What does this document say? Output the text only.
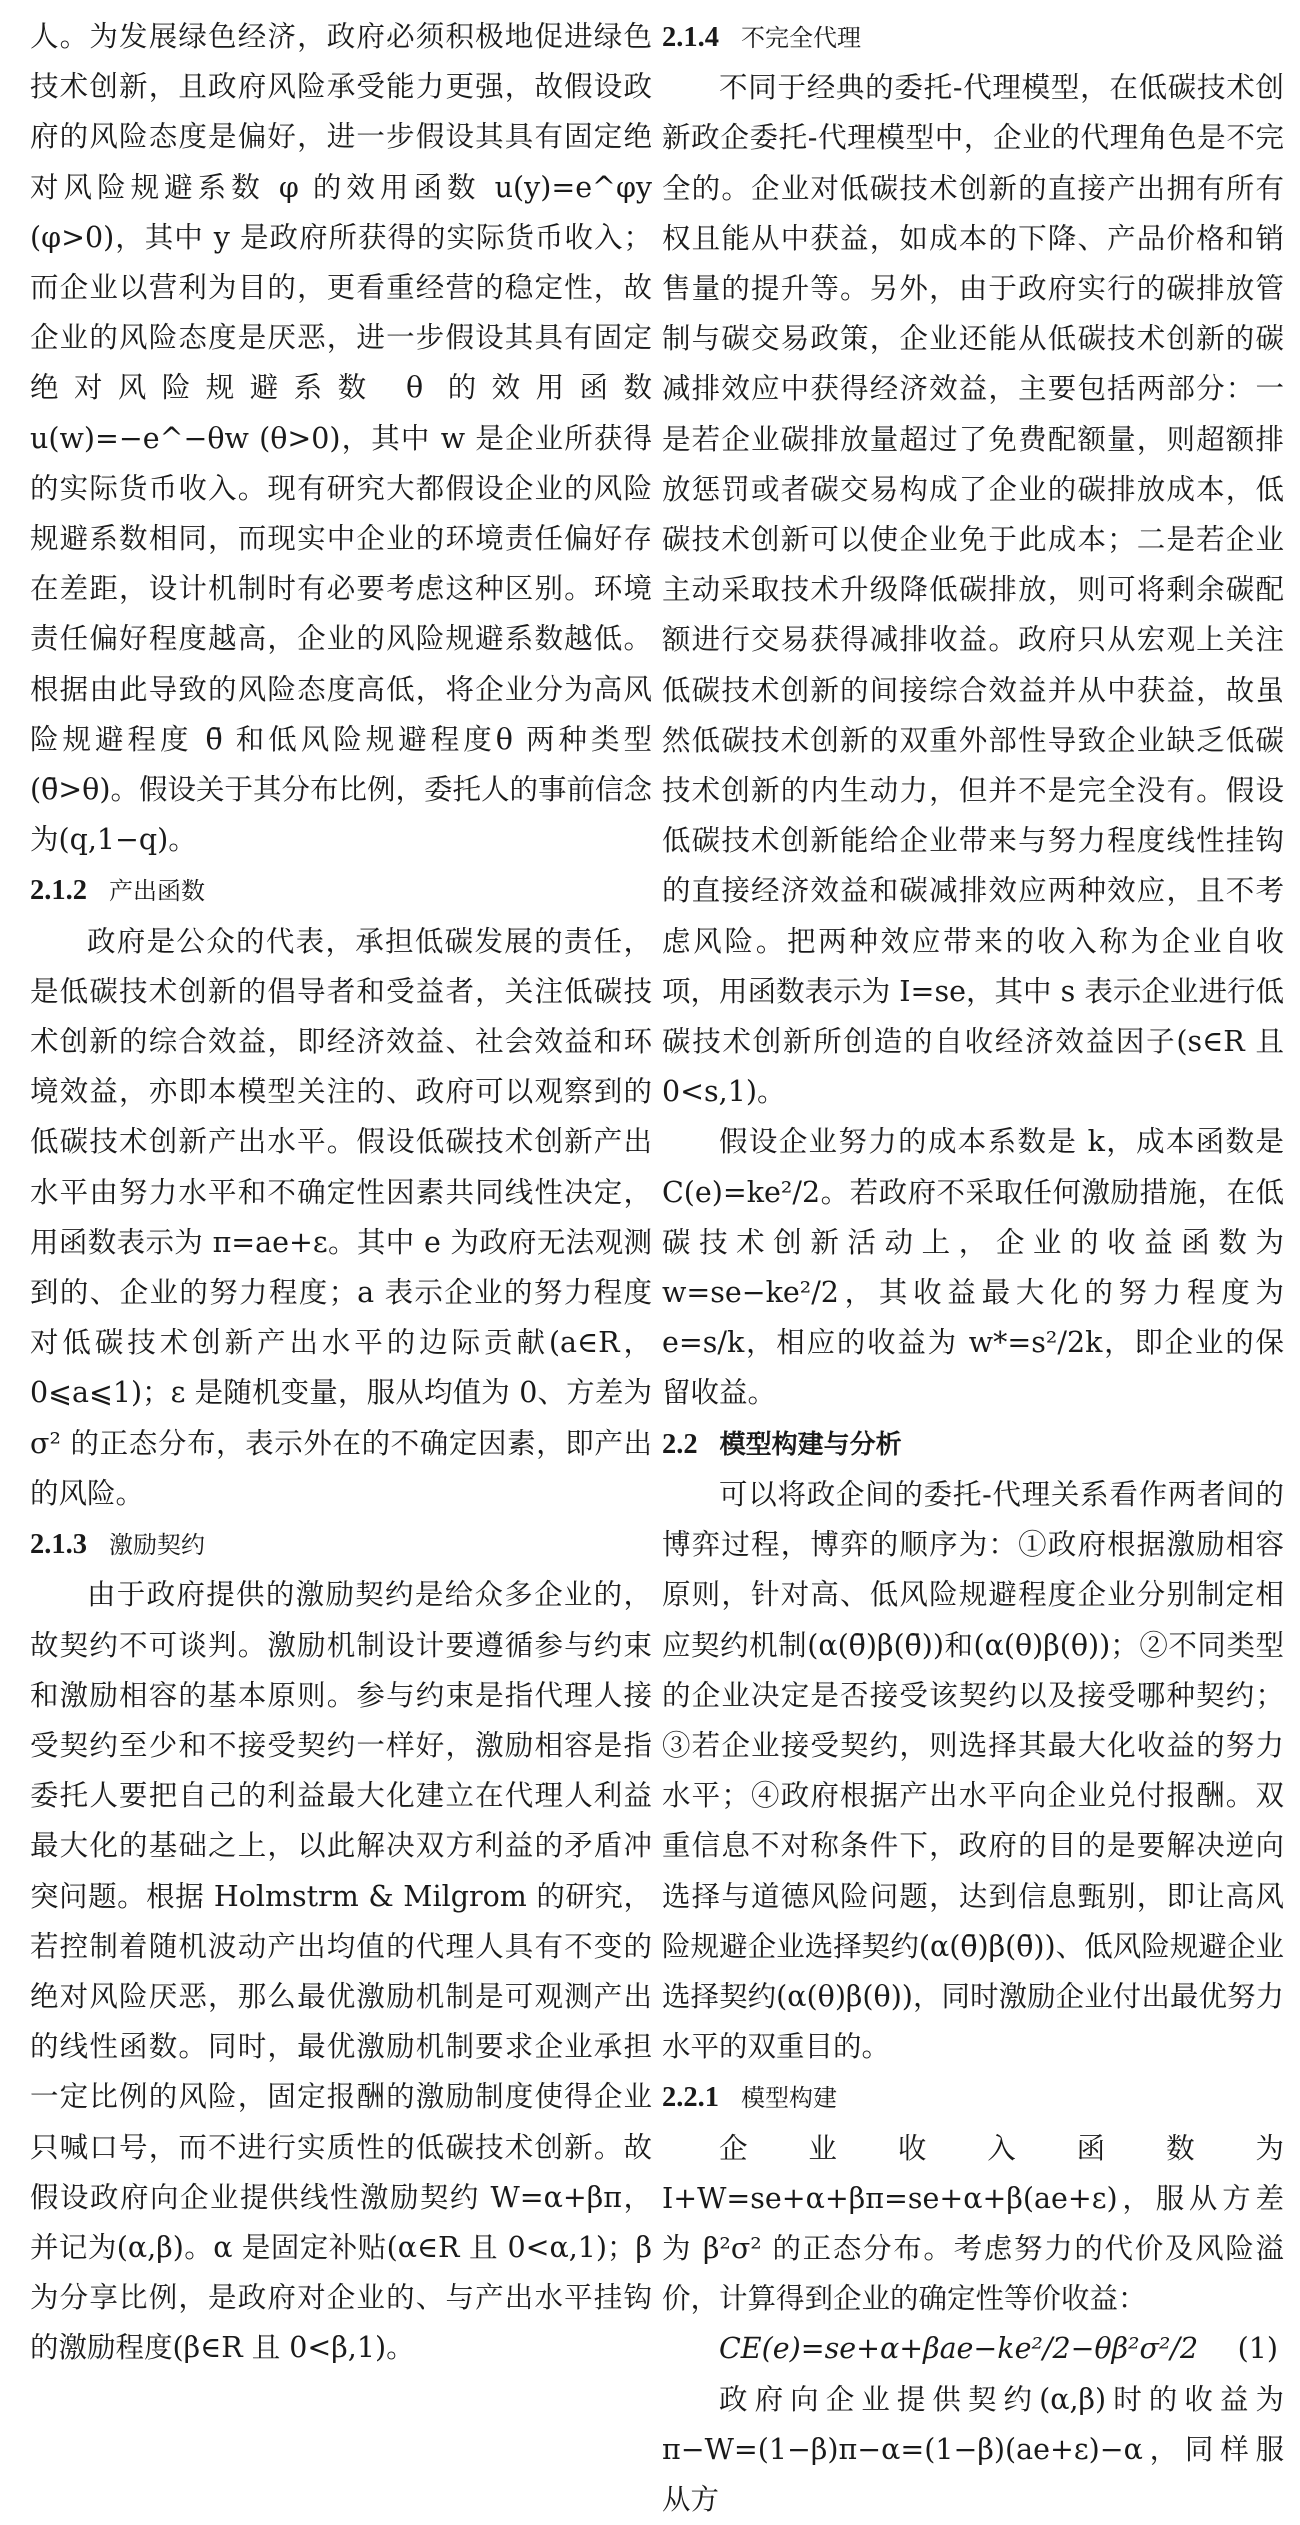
人。为发展绿色经济，政府必须积极地促进绿色技术创新，且政府风险承受能力更强，故假设政府的风险态度是偏好，进一步假设其具有固定绝对风险规避系数 φ 的效用函数 u(y)=e^φy (φ>0)，其中 y 是政府所获得的实际货币收入；而企业以营利为目的，更看重经营的稳定性，故企业的风险态度是厌恶，进一步假设其具有固定绝对风险规避系数 θ 的效用函数 u(w)=−e^−θw (θ>0)，其中 w 是企业所获得的实际货币收入。现有研究大都假设企业的风险规避系数相同，而现实中企业的环境责任偏好存在差距，设计机制时有必要考虑这种区别。环境责任偏好程度越高，企业的风险规避系数越低。根据由此导致的风险态度高低，将企业分为高风险规避程度 θ̄ 和低风险规避程度θ 两种类型(θ̄>θ)。假设关于其分布比例，委托人的事前信念为(q,1−q)。

2.1.2 产出函数

政府是公众的代表，承担低碳发展的责任，是低碳技术创新的倡导者和受益者，关注低碳技术创新的综合效益，即经济效益、社会效益和环境效益，亦即本模型关注的、政府可以观察到的低碳技术创新产出水平。假设低碳技术创新产出水平由努力水平和不确定性因素共同线性决定，用函数表示为 π=ae+ε。其中 e 为政府无法观测到的、企业的努力程度；a 表示企业的努力程度对低碳技术创新产出水平的边际贡献(a∈R，0⩽a⩽1)；ε 是随机变量，服从均值为 0、方差为 σ² 的正态分布，表示外在的不确定因素，即产出的风险。

2.1.3 激励契约

由于政府提供的激励契约是给众多企业的，故契约不可谈判。激励机制设计要遵循参与约束和激励相容的基本原则。参与约束是指代理人接受契约至少和不接受契约一样好，激励相容是指委托人要把自己的利益最大化建立在代理人利益最大化的基础之上，以此解决双方利益的矛盾冲突问题。根据 Holmstrm & Milgrom 的研究，若控制着随机波动产出均值的代理人具有不变的绝对风险厌恶，那么最优激励机制是可观测产出的线性函数。同时，最优激励机制要求企业承担一定比例的风险，固定报酬的激励制度使得企业只喊口号，而不进行实质性的低碳技术创新。故假设政府向企业提供线性激励契约 W=α+βπ，并记为(α,β)。α 是固定补贴(α∈R 且 0<α,1)；β 为分享比例，是政府对企业的、与产出水平挂钩的激励程度(β∈R 且 0<β,1)。

2.1.4 不完全代理

不同于经典的委托-代理模型，在低碳技术创新政企委托-代理模型中，企业的代理角色是不完全的。企业对低碳技术创新的直接产出拥有所有权且能从中获益，如成本的下降、产品价格和销售量的提升等。另外，由于政府实行的碳排放管制与碳交易政策，企业还能从低碳技术创新的碳减排效应中获得经济效益，主要包括两部分：一是若企业碳排放量超过了免费配额量，则超额排放惩罚或者碳交易构成了企业的碳排放成本，低碳技术创新可以使企业免于此成本；二是若企业主动采取技术升级降低碳排放，则可将剩余碳配额进行交易获得减排收益。政府只从宏观上关注低碳技术创新的间接综合效益并从中获益，故虽然低碳技术创新的双重外部性导致企业缺乏低碳技术创新的内生动力，但并不是完全没有。假设低碳技术创新能给企业带来与努力程度线性挂钩的直接经济效益和碳减排效应两种效应，且不考虑风险。把两种效应带来的收入称为企业自收项，用函数表示为 I=se，其中 s 表示企业进行低碳技术创新所创造的自收经济效益因子(s∈R 且 0<s,1)。

假设企业努力的成本系数是 k，成本函数是 C(e)=ke²/2。若政府不采取任何激励措施，在低碳技术创新活动上，企业的收益函数为 w=se−ke²/2，其收益最大化的努力程度为 e=s/k，相应的收益为 w*=s²/2k，即企业的保留收益。

2.2 模型构建与分析

可以将政企间的委托-代理关系看作两者间的博弈过程，博弈的顺序为：①政府根据激励相容原则，针对高、低风险规避程度企业分别制定相应契约机制(α(θ̄)β(θ̄))和(α(θ)β(θ))；②不同类型的企业决定是否接受该契约以及接受哪种契约；③若企业接受契约，则选择其最大化收益的努力水平；④政府根据产出水平向企业兑付报酬。双重信息不对称条件下，政府的目的是要解决逆向选择与道德风险问题，达到信息甄别，即让高风险规避企业选择契约(α(θ̄)β(θ̄))、低风险规避企业选择契约(α(θ)β(θ))，同时激励企业付出最优努力水平的双重目的。

2.2.1 模型构建

企业收入函数为 I+W=se+α+βπ=se+α+β(ae+ε)，服从方差为 β²σ² 的正态分布。考虑努力的代价及风险溢价，计算得到企业的确定性等价收益：

CE(e)=se+α+βae−ke²/2−θβ²σ²/2 (1)

政府向企业提供契约(α,β)时的收益为 π−W=(1−β)π−α=(1−β)(ae+ε)−α，同样服从方
